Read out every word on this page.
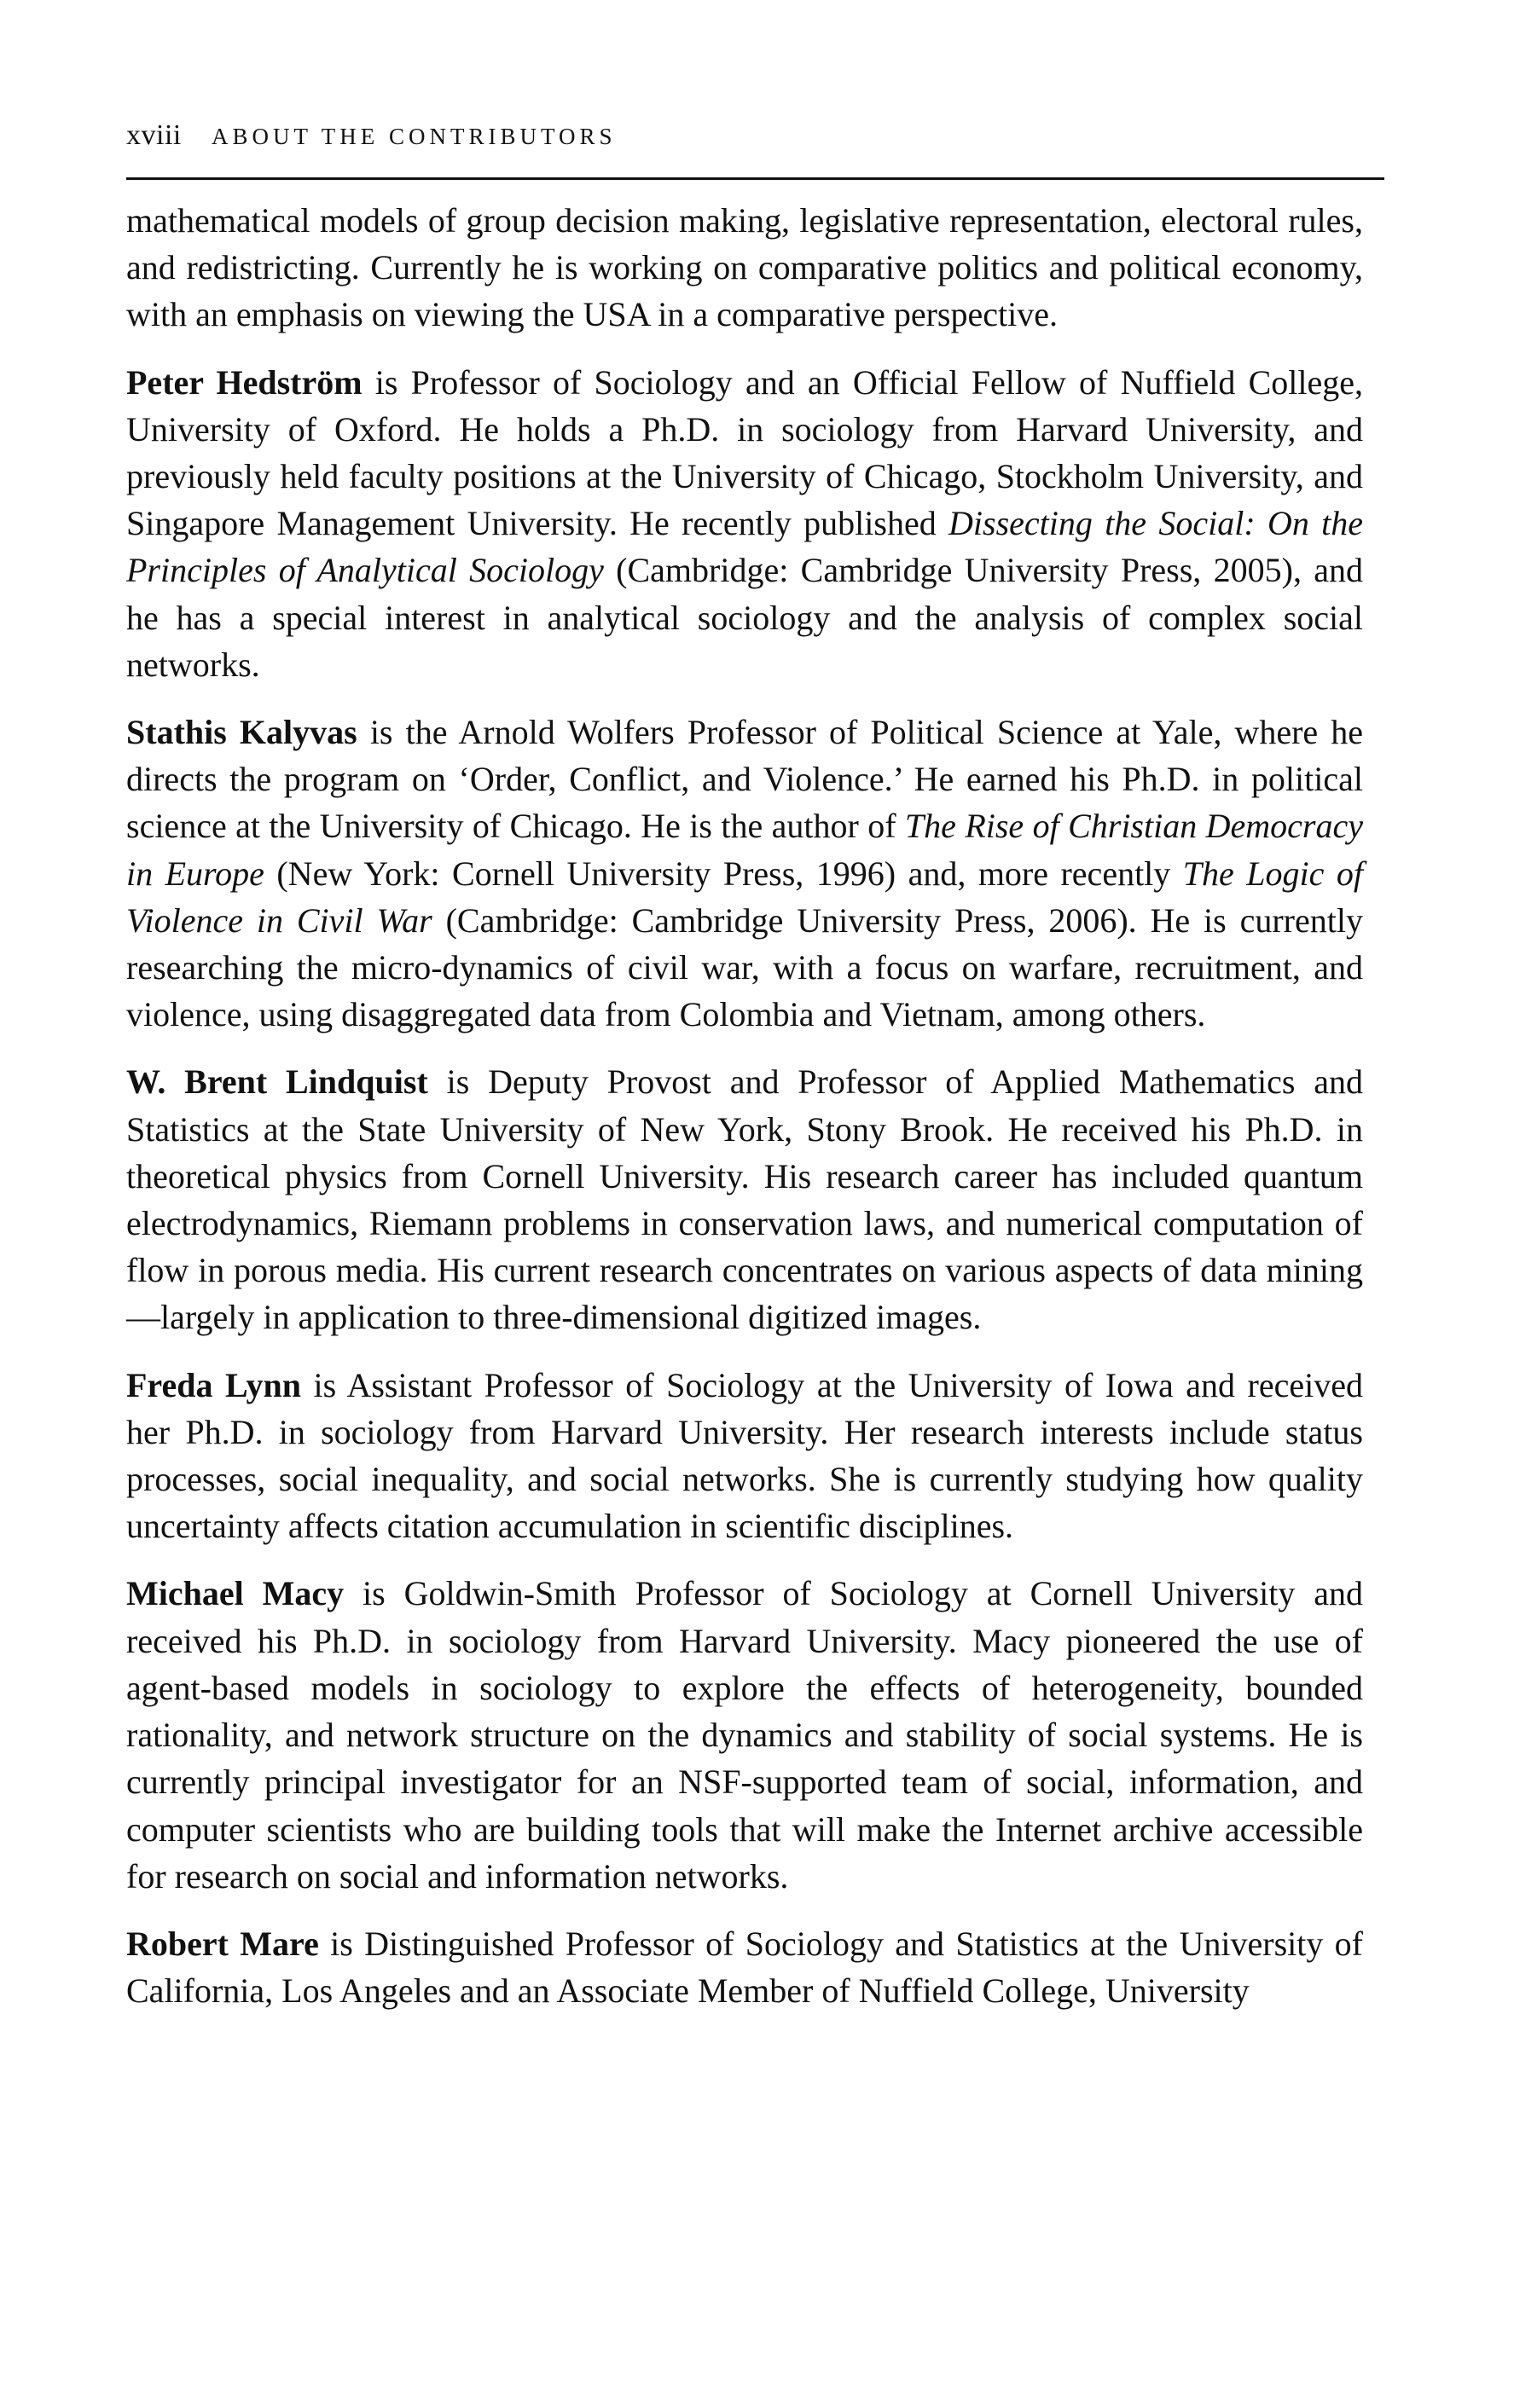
xviii	ABOUT THE CONTRIBUTORS

mathematical models of group decision making, legislative representation, electoral rules, and redistricting. Currently he is working on comparative politics and political economy, with an emphasis on viewing the USA in a comparative perspective.

Peter Hedström is Professor of Sociology and an Official Fellow of Nuffield College, University of Oxford. He holds a Ph.D. in sociology from Harvard University, and previously held faculty positions at the University of Chicago, Stockholm University, and Singapore Management University. He recently published Dissecting the Social: On the Principles of Analytical Sociology (Cambridge: Cambridge University Press, 2005), and he has a special interest in analytical sociology and the analysis of complex social networks.

Stathis Kalyvas is the Arnold Wolfers Professor of Political Science at Yale, where he directs the program on ‘Order, Conflict, and Violence.’ He earned his Ph.D. in political science at the University of Chicago. He is the author of The Rise of Christian Democracy in Europe (New York: Cornell University Press, 1996) and, more recently The Logic of Violence in Civil War (Cambridge: Cambridge University Press, 2006). He is currently researching the micro-dynamics of civil war, with a focus on warfare, recruitment, and violence, using disaggregated data from Colombia and Vietnam, among others.

W. Brent Lindquist is Deputy Provost and Professor of Applied Mathematics and Statistics at the State University of New York, Stony Brook. He received his Ph.D. in theoretical physics from Cornell University. His research career has included quantum electrodynamics, Riemann problems in conservation laws, and numerical computation of flow in porous media. His current research concentrates on various aspects of data mining—largely in application to three-dimensional digitized images.

Freda Lynn is Assistant Professor of Sociology at the University of Iowa and received her Ph.D. in sociology from Harvard University. Her research interests include status processes, social inequality, and social networks. She is currently studying how quality uncertainty affects citation accumulation in scientific disciplines.

Michael Macy is Goldwin-Smith Professor of Sociology at Cornell University and received his Ph.D. in sociology from Harvard University. Macy pioneered the use of agent-based models in sociology to explore the effects of heterogeneity, bounded rationality, and network structure on the dynamics and stability of social systems. He is currently principal investigator for an NSF-supported team of social, information, and computer scientists who are building tools that will make the Internet archive accessible for research on social and information networks.

Robert Mare is Distinguished Professor of Sociology and Statistics at the University of California, Los Angeles and an Associate Member of Nuffield College, University
